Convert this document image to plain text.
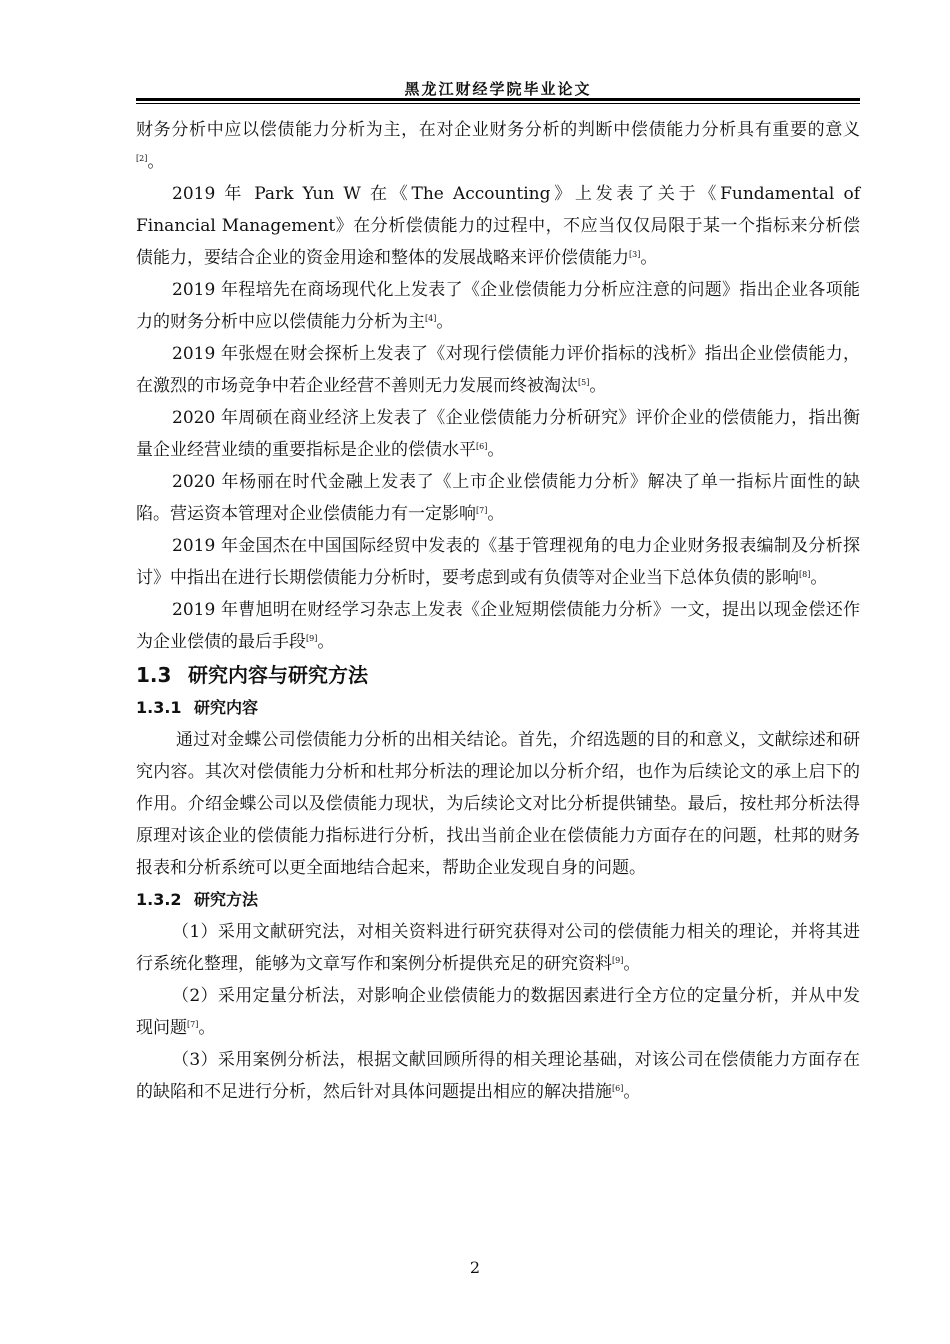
黑龙江财经学院毕业论文

财务分析中应以偿债能力分析为主，在对企业财务分析的判断中偿债能力分析具有重要的意义[2]。

2019 年 Park Yun W 在《The Accounting》上发表了关于《Fundamental of Financial Management》在分析偿债能力的过程中，不应当仅仅局限于某一个指标来分析偿债能力，要结合企业的资金用途和整体的发展战略来评价偿债能力[3]。

2019 年程培先在商场现代化上发表了《企业偿债能力分析应注意的问题》指出企业各项能力的财务分析中应以偿债能力分析为主[4]。

2019 年张煜在财会探析上发表了《对现行偿债能力评价指标的浅析》指出企业偿债能力，在激烈的市场竞争中若企业经营不善则无力发展而终被淘汰[5]。

2020 年周硕在商业经济上发表了《企业偿债能力分析研究》评价企业的偿债能力，指出衡量企业经营业绩的重要指标是企业的偿债水平[6]。

2020 年杨丽在时代金融上发表了《上市企业偿债能力分析》解决了单一指标片面性的缺陷。营运资本管理对企业偿债能力有一定影响[7]。

2019 年金国杰在中国国际经贸中发表的《基于管理视角的电力企业财务报表编制及分析探讨》中指出在进行长期偿债能力分析时，要考虑到或有负债等对企业当下总体负债的影响[8]。

2019 年曹旭明在财经学习杂志上发表《企业短期偿债能力分析》一文，提出以现金偿还作为企业偿债的最后手段[9]。

1.3 研究内容与研究方法
1.3.1 研究内容

通过对金蝶公司偿债能力分析的出相关结论。首先，介绍选题的目的和意义，文献综述和研究内容。其次对偿债能力分析和杜邦分析法的理论加以分析介绍，也作为后续论文的承上启下的作用。介绍金蝶公司以及偿债能力现状，为后续论文对比分析提供铺垫。最后，按杜邦分析法得原理对该企业的偿债能力指标进行分析，找出当前企业在偿债能力方面存在的问题，杜邦的财务报表和分析系统可以更全面地结合起来，帮助企业发现自身的问题。

1.3.2 研究方法

（1）采用文献研究法，对相关资料进行研究获得对公司的偿债能力相关的理论，并将其进行系统化整理，能够为文章写作和案例分析提供充足的研究资料[9]。

（2）采用定量分析法，对影响企业偿债能力的数据因素进行全方位的定量分析，并从中发现问题[7]。

（3）采用案例分析法，根据文献回顾所得的相关理论基础，对该公司在偿债能力方面存在的缺陷和不足进行分析，然后针对具体问题提出相应的解决措施[6]。

2
